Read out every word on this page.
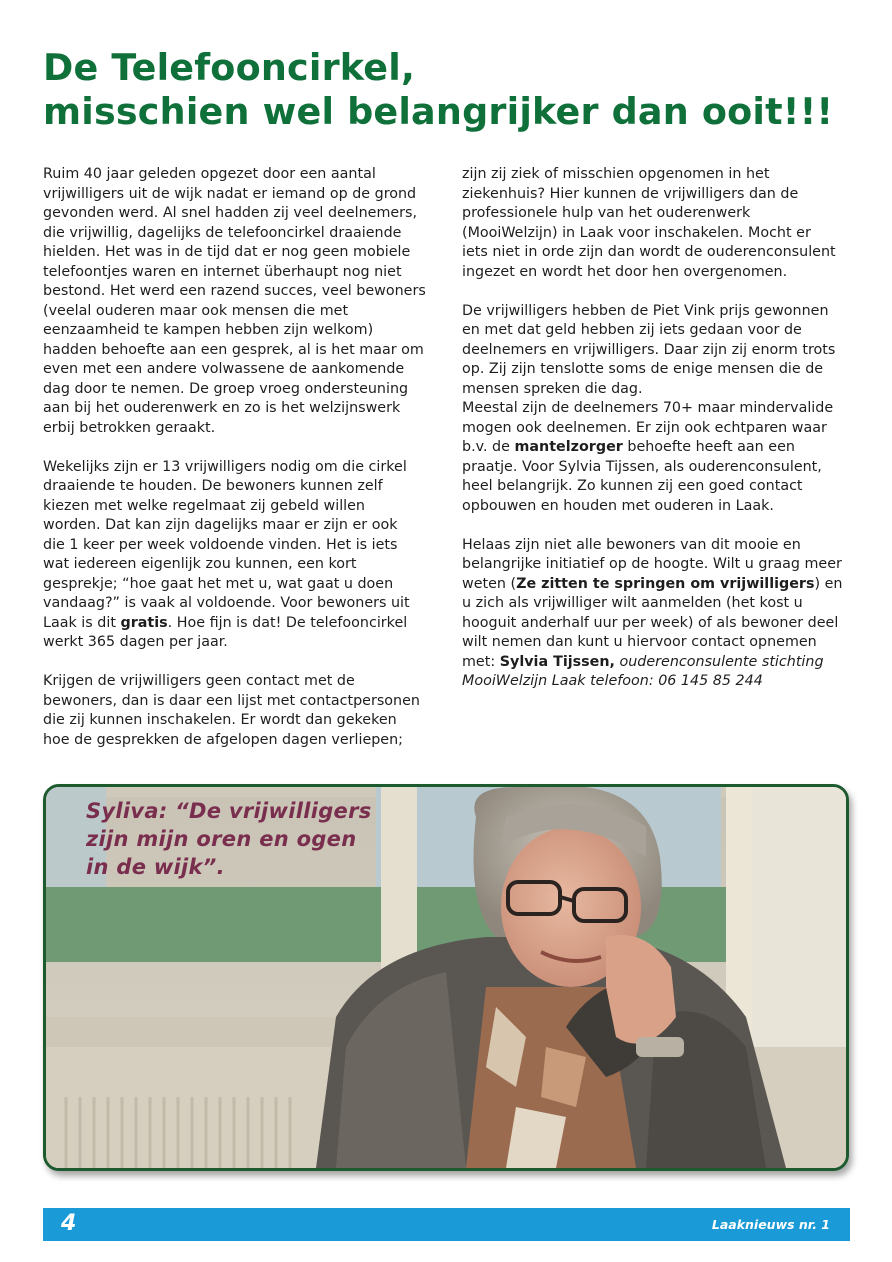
De Telefooncirkel,
misschien wel belangrijker dan ooit!!!
Ruim 40 jaar geleden opgezet door een aantal
vrijwilligers uit de wijk nadat er iemand op de grond
gevonden werd. Al snel hadden zij veel deelnemers,
die vrijwillig, dagelijks de telefooncirkel draaiende
hielden. Het was in de tijd dat er nog geen mobiele
telefoontjes waren en internet überhaupt nog niet
bestond. Het werd een razend succes, veel bewoners
(veelal ouderen maar ook mensen die met
eenzaamheid te kampen hebben zijn welkom)
hadden behoefte aan een gesprek, al is het maar om
even met een andere volwassene de aankomende
dag door te nemen. De groep vroeg ondersteuning
aan bij het ouderenwerk en zo is het welzijnswerk
erbij betrokken geraakt.
Wekelijks zijn er 13 vrijwilligers nodig om die cirkel
draaiende te houden. De bewoners kunnen zelf
kiezen met welke regelmaat zij gebeld willen
worden. Dat kan zijn dagelijks maar er zijn er ook
die 1 keer per week voldoende vinden. Het is iets
wat iedereen eigenlijk zou kunnen, een kort
gesprekje; “hoe gaat het met u, wat gaat u doen
vandaag?” is vaak al voldoende. Voor bewoners uit
Laak is dit gratis. Hoe fijn is dat! De telefooncirkel
werkt 365 dagen per jaar.
Krijgen de vrijwilligers geen contact met de
bewoners, dan is daar een lijst met contactpersonen
die zij kunnen inschakelen. Er wordt dan gekeken
hoe de gesprekken de afgelopen dagen verliepen;
zijn zij ziek of misschien opgenomen in het
ziekenhuis? Hier kunnen de vrijwilligers dan de
professionele hulp van het ouderenwerk
(MooiWelzijn) in Laak voor inschakelen. Mocht er
iets niet in orde zijn dan wordt de ouderenconsulent
ingezet en wordt het door hen overgenomen.
De vrijwilligers hebben de Piet Vink prijs gewonnen
en met dat geld hebben zij iets gedaan voor de
deelnemers en vrijwilligers. Daar zijn zij enorm trots
op. Zij zijn tenslotte soms de enige mensen die de
mensen spreken die dag.
Meestal zijn de deelnemers 70+ maar mindervalide
mogen ook deelnemen. Er zijn ook echtparen waar
b.v. de mantelzorger behoefte heeft aan een
praatje. Voor Sylvia Tijssen, als ouderenconsulent,
heel belangrijk. Zo kunnen zij een goed contact
opbouwen en houden met ouderen in Laak.
Helaas zijn niet alle bewoners van dit mooie en
belangrijke initiatief op de hoogte. Wilt u graag meer
weten (Ze zitten te springen om vrijwilligers) en
u zich als vrijwilliger wilt aanmelden (het kost u
hooguit anderhalf uur per week) of als bewoner deel
wilt nemen dan kunt u hiervoor contact opnemen
met: Sylvia Tijssen, ouderenconsulente stichting
MooiWelzijn Laak telefoon: 06 145 85 244

Syliva: “De vrijwilligers
zijn mijn oren en ogen
in de wijk”.

4	Laaknieuws nr. 1
